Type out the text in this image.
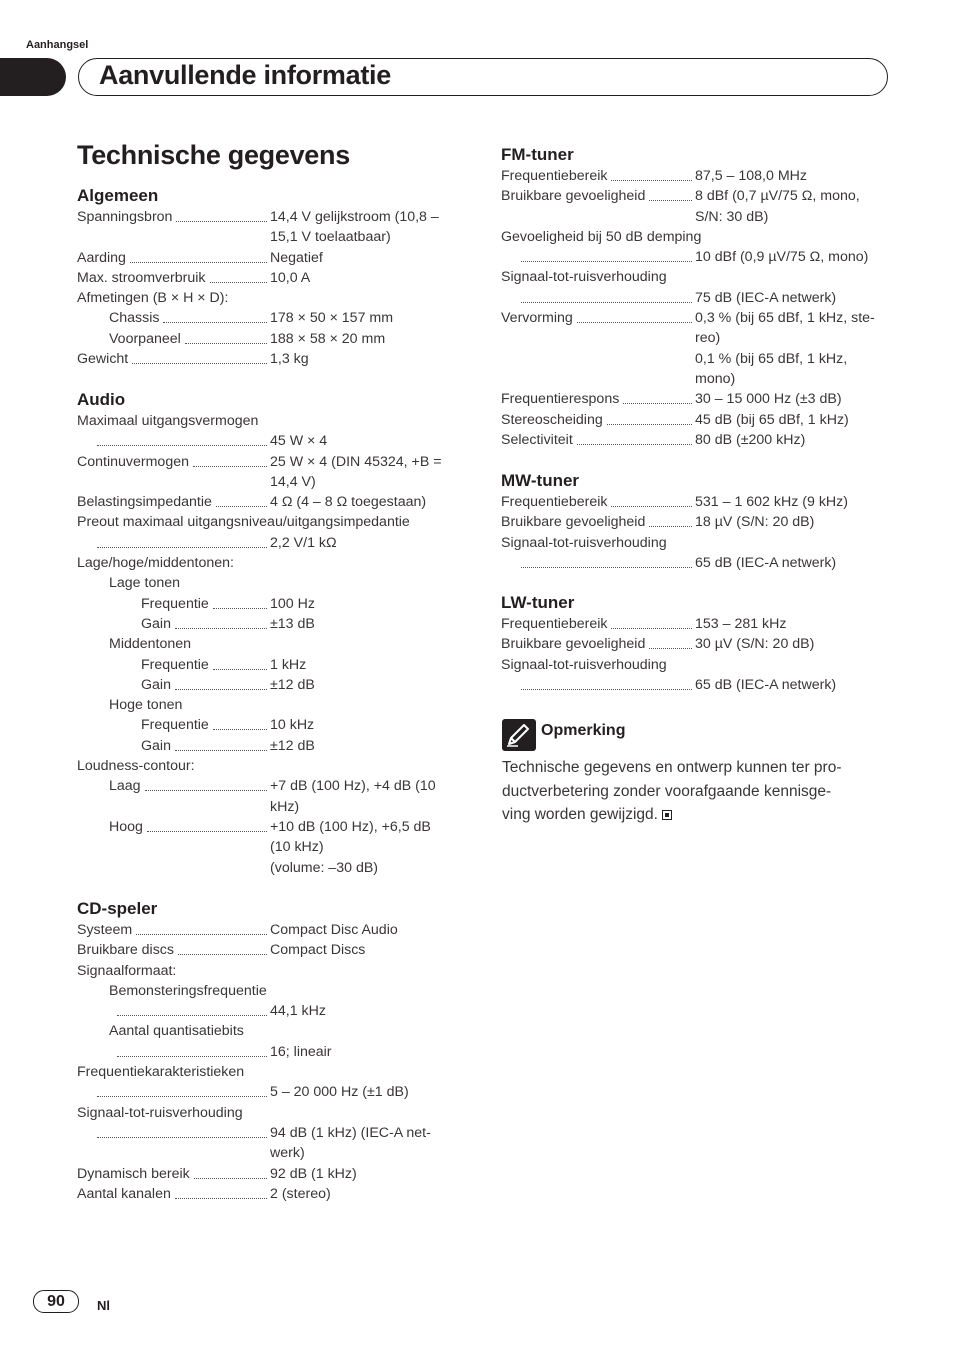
Aanhangsel
Aanvullende informatie
Technische gegevens
Algemeen
Spanningsbron	14,4 V gelijkstroom (10,8 –
15,1 V toelaatbaar)
Aarding	Negatief
Max. stroomverbruik	10,0 A
Afmetingen (B × H × D):
Chassis	178 × 50 × 157 mm
Voorpaneel	188 × 58 × 20 mm
Gewicht	1,3 kg
Audio
Maximaal uitgangsvermogen
45 W × 4
Continuvermogen	25 W × 4 (DIN 45324, +B =
14,4 V)
Belastingsimpedantie	4 Ω (4 – 8 Ω toegestaan)
Preout maximaal uitgangsniveau/uitgangsimpedantie
2,2 V/1 kΩ
Lage/hoge/middentonen:
Lage tonen
Frequentie	100 Hz
Gain	±13 dB
Middentonen
Frequentie	1 kHz
Gain	±12 dB
Hoge tonen
Frequentie	10 kHz
Gain	±12 dB
Loudness-contour:
Laag	+7 dB (100 Hz), +4 dB (10
kHz)
Hoog	+10 dB (100 Hz), +6,5 dB
(10 kHz)
(volume: –30 dB)
CD-speler
Systeem	Compact Disc Audio
Bruikbare discs	Compact Discs
Signaalformaat:
Bemonsteringsfrequentie
44,1 kHz
Aantal quantisatiebits
16; lineair
Frequentiekarakteristieken
5 – 20 000 Hz (±1 dB)
Signaal-tot-ruisverhouding
94 dB (1 kHz) (IEC-A net-
werk)
Dynamisch bereik	92 dB (1 kHz)
Aantal kanalen	2 (stereo)
FM-tuner
Frequentiebereik	87,5 – 108,0 MHz
Bruikbare gevoeligheid	8 dBf (0,7 µV/75 Ω, mono,
S/N: 30 dB)
Gevoeligheid bij 50 dB demping
10 dBf (0,9 µV/75 Ω, mono)
Signaal-tot-ruisverhouding
75 dB (IEC-A netwerk)
Vervorming	0,3 % (bij 65 dBf, 1 kHz, ste-
reo)
0,1 % (bij 65 dBf, 1 kHz,
mono)
Frequentierespons	30 – 15 000 Hz (±3 dB)
Stereoscheiding	45 dB (bij 65 dBf, 1 kHz)
Selectiviteit	80 dB (±200 kHz)
MW-tuner
Frequentiebereik	531 – 1 602 kHz (9 kHz)
Bruikbare gevoeligheid	18 µV (S/N: 20 dB)
Signaal-tot-ruisverhouding
65 dB (IEC-A netwerk)
LW-tuner
Frequentiebereik	153 – 281 kHz
Bruikbare gevoeligheid	30 µV (S/N: 20 dB)
Signaal-tot-ruisverhouding
65 dB (IEC-A netwerk)
Opmerking
Technische gegevens en ontwerp kunnen ter pro-
ductverbetering zonder voorafgaande kennisge-
ving worden gewijzigd.
90	Nl
